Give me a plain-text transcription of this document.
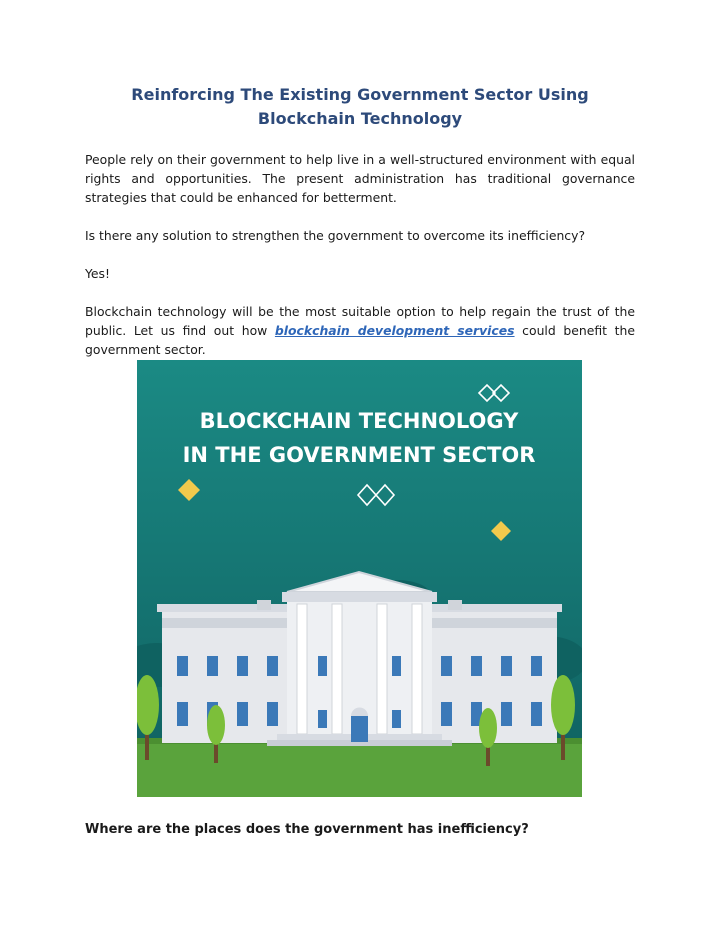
Reinforcing The Existing Government Sector Using Blockchain Technology

People rely on their government to help live in a well-structured environment with equal rights and opportunities. The present administration has traditional governance strategies that could be enhanced for betterment.

Is there any solution to strengthen the government to overcome its inefficiency?

Yes!

Blockchain technology will be the most suitable option to help regain the trust of the public. Let us find out how blockchain development services could benefit the government sector.

BLOCKCHAIN TECHNOLOGY
IN THE GOVERNMENT SECTOR
Where are the places does the government has inefficiency?
